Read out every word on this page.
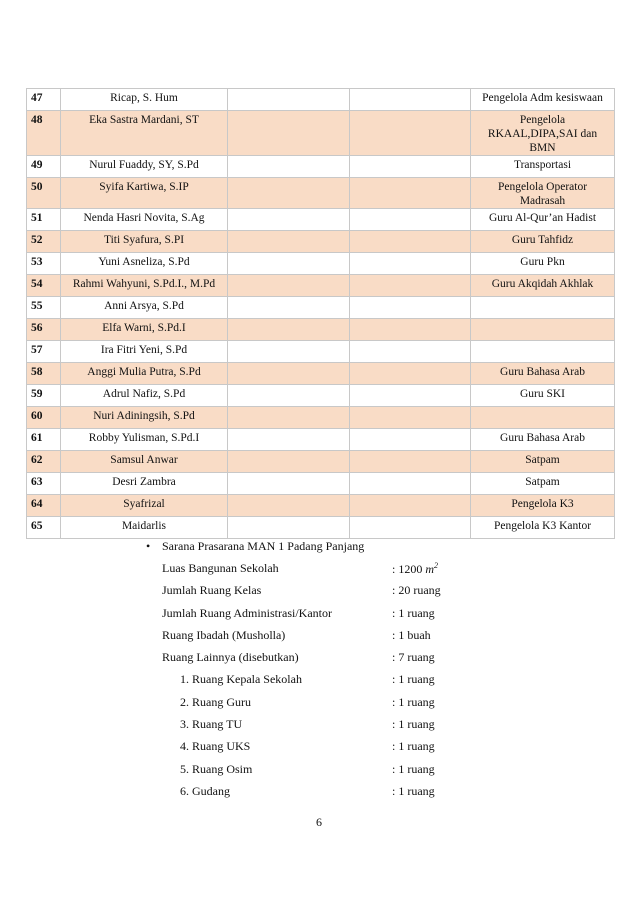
47	Ricap, S. Hum			Pengelola Adm kesiswaan
48	Eka Sastra Mardani, ST			Pengelola RKAAL,DIPA,SAI dan BMN
49	Nurul Fuaddy, SY, S.Pd			Transportasi
50	Syifa Kartiwa, S.IP			Pengelola Operator Madrasah
51	Nenda Hasri Novita, S.Ag			Guru Al-Qur’an Hadist
52	Titi Syafura, S.PI			Guru Tahfidz
53	Yuni Asneliza, S.Pd			Guru Pkn
54	Rahmi Wahyuni, S.Pd.I., M.Pd			Guru Akqidah Akhlak
55	Anni Arsya, S.Pd			
56	Elfa Warni, S.Pd.I			
57	Ira Fitri Yeni, S.Pd			
58	Anggi Mulia Putra, S.Pd			Guru Bahasa Arab
59	Adrul Nafiz, S.Pd			Guru SKI
60	Nuri Adiningsih, S.Pd			
61	Robby Yulisman, S.Pd.I			Guru Bahasa Arab
62	Samsul Anwar			Satpam
63	Desri Zambra			Satpam
64	Syafrizal			Pengelola K3
65	Maidarlis			Pengelola K3 Kantor
• Sarana Prasarana MAN 1 Padang Panjang
Luas Bangunan Sekolah	: 1200 $m^2$
Jumlah Ruang Kelas	: 20 ruang
Jumlah Ruang Administrasi/Kantor	: 1 ruang
Ruang Ibadah (Musholla)	: 1 buah
Ruang Lainnya (disebutkan)	: 7 ruang
1. Ruang Kepala Sekolah	: 1 ruang
2. Ruang Guru	: 1 ruang
3. Ruang TU	: 1 ruang
4. Ruang UKS	: 1 ruang
5. Ruang Osim	: 1 ruang
6. Gudang	: 1 ruang
6
